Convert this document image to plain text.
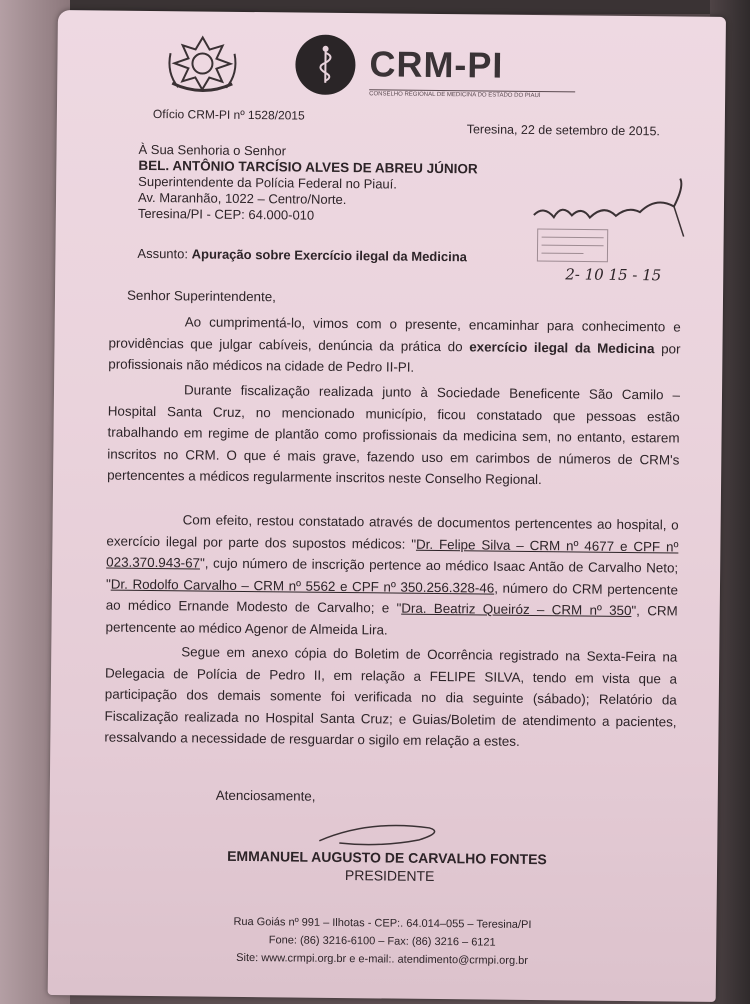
CRM-PI
CONSELHO REGIONAL DE MEDICINA DO ESTADO DO PIAUÍ
Ofício CRM-PI nº 1528/2015
Teresina, 22 de setembro de 2015.
À Sua Senhoria o Senhor
BEL. ANTÔNIO TARCÍSIO ALVES DE ABREU JÚNIOR
Superintendente da Polícia Federal no Piauí.
Av. Maranhão, 1022 – Centro/Norte.
Teresina/PI - CEP: 64.000-010
Assunto: Apuração sobre Exercício ilegal da Medicina
2- 10 15 - 15
Senhor Superintendente,

Ao cumprimentá-lo, vimos com o presente, encaminhar para conhecimento e providências que julgar cabíveis, denúncia da prática do exercício ilegal da Medicina por profissionais não médicos na cidade de Pedro II-PI.

Durante fiscalização realizada junto à Sociedade Beneficente São Camilo – Hospital Santa Cruz, no mencionado município, ficou constatado que pessoas estão trabalhando em regime de plantão como profissionais da medicina sem, no entanto, estarem inscritos no CRM. O que é mais grave, fazendo uso em carimbos de números de CRM's pertencentes a médicos regularmente inscritos neste Conselho Regional.

Com efeito, restou constatado através de documentos pertencentes ao hospital, o exercício ilegal por parte dos supostos médicos: "Dr. Felipe Silva – CRM nº 4677 e CPF nº 023.370.943-67", cujo número de inscrição pertence ao médico Isaac Antão de Carvalho Neto; "Dr. Rodolfo Carvalho – CRM nº 5562 e CPF nº 350.256.328-46, número do CRM pertencente ao médico Ernande Modesto de Carvalho; e "Dra. Beatriz Queiróz – CRM nº 350", CRM pertencente ao médico Agenor de Almeida Lira.

Segue em anexo cópia do Boletim de Ocorrência registrado na Sexta-Feira na Delegacia de Polícia de Pedro II, em relação a FELIPE SILVA, tendo em vista que a participação dos demais somente foi verificada no dia seguinte (sábado); Relatório da Fiscalização realizada no Hospital Santa Cruz; e Guias/Boletim de atendimento a pacientes, ressalvando a necessidade de resguardar o sigilo em relação a estes.

Atenciosamente,
EMMANUEL AUGUSTO DE CARVALHO FONTES
PRESIDENTE
Rua Goiás nº 991 – Ilhotas - CEP:. 64.014–055 – Teresina/PI
Fone: (86) 3216-6100 – Fax: (86) 3216 – 6121
Site: www.crmpi.org.br e e-mail:. atendimento@crmpi.org.br
